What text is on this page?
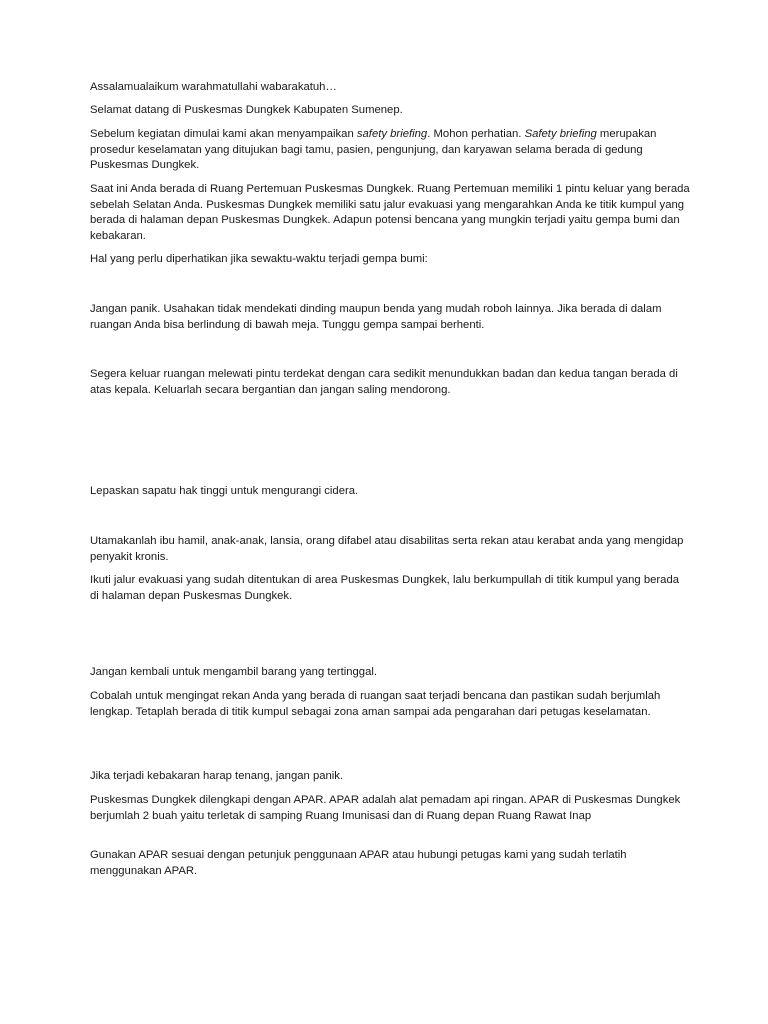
Assalamualaikum warahmatullahi wabarakatuh…

Selamat datang di Puskesmas Dungkek Kabupaten Sumenep.

Sebelum kegiatan dimulai kami akan menyampaikan safety briefing. Mohon perhatian. Safety briefing merupakan prosedur keselamatan yang ditujukan bagi tamu, pasien, pengunjung, dan karyawan selama berada di gedung Puskesmas Dungkek.

Saat ini Anda berada di Ruang Pertemuan Puskesmas Dungkek. Ruang Pertemuan memiliki 1 pintu keluar yang berada sebelah Selatan Anda. Puskesmas Dungkek memiliki satu jalur evakuasi yang mengarahkan Anda ke titik kumpul yang berada di halaman depan Puskesmas Dungkek. Adapun potensi bencana yang mungkin terjadi yaitu gempa bumi dan kebakaran.

Hal yang perlu diperhatikan jika sewaktu-waktu terjadi gempa bumi:

Jangan panik. Usahakan tidak mendekati dinding maupun benda yang mudah roboh lainnya. Jika berada di dalam ruangan Anda bisa berlindung di bawah meja. Tunggu gempa sampai berhenti.

Segera keluar ruangan melewati pintu terdekat dengan cara sedikit menundukkan badan dan kedua tangan berada di atas kepala. Keluarlah secara bergantian dan jangan saling mendorong.

Lepaskan sapatu hak tinggi untuk mengurangi cidera.

Utamakanlah ibu hamil, anak-anak, lansia, orang difabel atau disabilitas serta rekan atau kerabat anda yang mengidap penyakit kronis.

Ikuti jalur evakuasi yang sudah ditentukan di area Puskesmas Dungkek, lalu berkumpullah di titik kumpul yang berada di halaman depan Puskesmas Dungkek.

Jangan kembali untuk mengambil barang yang tertinggal.

Cobalah untuk mengingat rekan Anda yang berada di ruangan saat terjadi bencana dan pastikan sudah berjumlah lengkap. Tetaplah berada di titik kumpul sebagai zona aman sampai ada pengarahan dari petugas keselamatan.

Jika terjadi kebakaran harap tenang, jangan panik.

Puskesmas Dungkek dilengkapi dengan APAR. APAR adalah alat pemadam api ringan. APAR di Puskesmas Dungkek berjumlah 2 buah yaitu terletak di samping Ruang Imunisasi dan di Ruang depan Ruang Rawat Inap

Gunakan APAR sesuai dengan petunjuk penggunaan APAR atau hubungi petugas kami yang sudah terlatih menggunakan APAR.
